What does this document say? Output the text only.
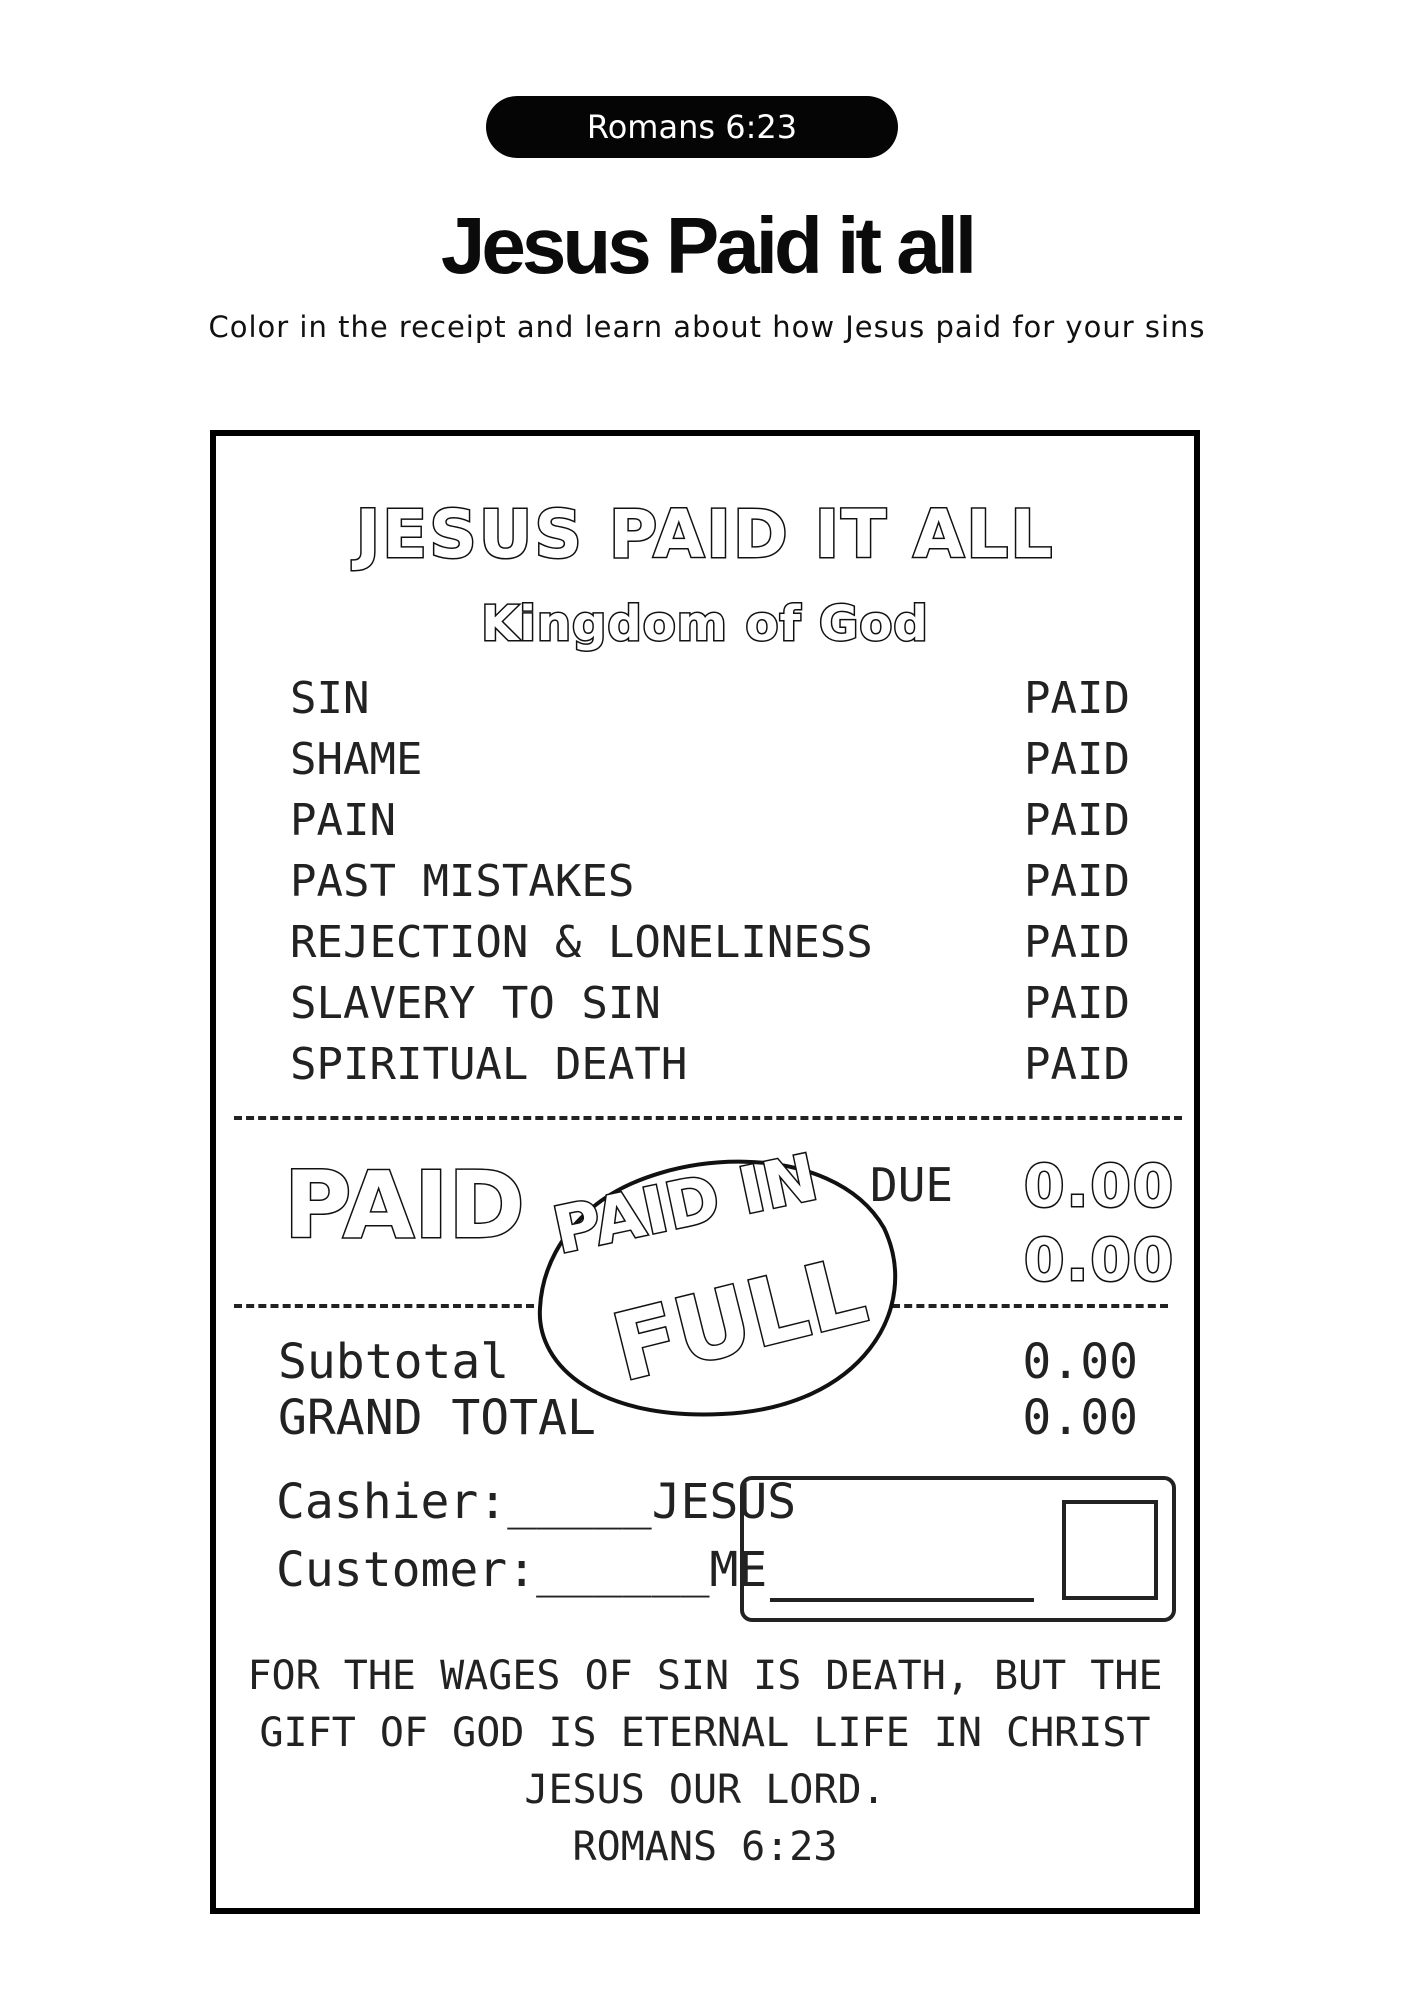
Romans 6:23
Jesus Paid it all
Color in the receipt and learn about how Jesus paid for your sins
JESUS PAID IT ALL
Kingdom of God
SIN	PAID
SHAME	PAID
PAIN	PAID
PAST MISTAKES	PAID
REJECTION & LONELINESS	PAID
SLAVERY TO SIN	PAID
SPIRITUAL DEATH	PAID
PAID	DUE 0.00
0.00
PAID IN
FULL
Subtotal	0.00
GRAND TOTAL	0.00
Cashier:_____JESUS
Customer:______ME
FOR THE WAGES OF SIN IS DEATH, BUT THE
GIFT OF GOD IS ETERNAL LIFE IN CHRIST
JESUS OUR LORD.
ROMANS 6:23
